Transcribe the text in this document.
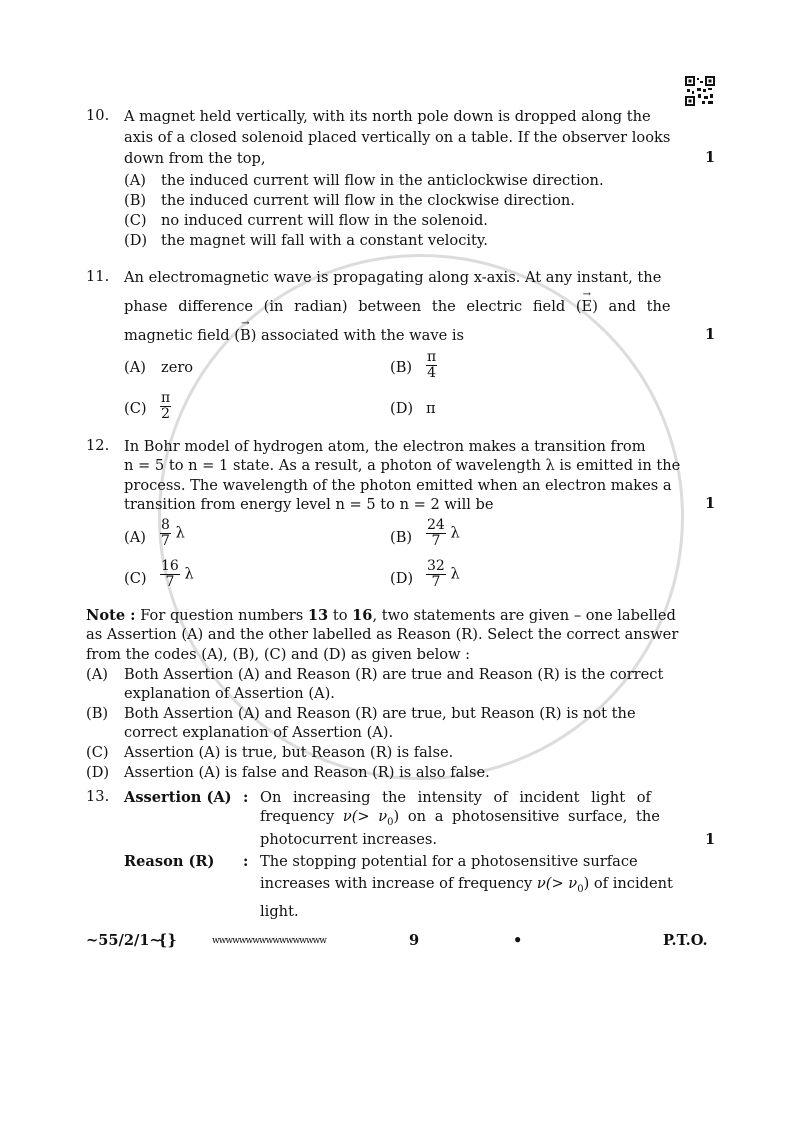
10. A magnet held vertically, with its north pole down is dropped along the
axis of a closed solenoid placed vertically on a table. If the observer looks
down from the top,	1
(A) the induced current will flow in the anticlockwise direction.
(B) the induced current will flow in the clockwise direction.
(C) no induced current will flow in the solenoid.
(D) the magnet will fall with a constant velocity.
11. An electromagnetic wave is propagating along x-axis. At any instant, the
phase difference (in radian) between the electric field (→ E) and the
magnetic field (→ B) associated with the wave is	1
(A) zero	$(B) \frac{\pi}{4}$
$(C) \frac{\pi}{2}$	(D) π
12. In Bohr model of hydrogen atom, the electron makes a transition from
n = 5 to n = 1 state. As a result, a photon of wavelength λ is emitted in the
process. The wavelength of the photon emitted when an electron makes a
transition from energy level n = 5 to n = 2 will be	1
$(A) \frac{8}{7}$ λ	$(B) \frac{24}{7}$ λ
$(C) \frac{16}{7}$ λ	$(D) \frac{32}{7}$ λ
Note : For question numbers 13 to 16, two statements are given – one labelled
as Assertion (A) and the other labelled as Reason (R). Select the correct answer
from the codes (A), (B), (C) and (D) as given below :
(A) Both Assertion (A) and Reason (R) are true and Reason (R) is the correct
explanation of Assertion (A).
(B) Both Assertion (A) and Reason (R) are true, but Reason (R) is not the
correct explanation of Assertion (A).
(C) Assertion (A) is true, but Reason (R) is false.
(D) Assertion (A) is false and Reason (R) is also false.
13. Assertion (A) : On increasing the intensity of incident light of
frequency $\nu(> \nu_0)$ on a photosensitive surface, the
photocurrent increases.	1
Reason (R) : The stopping potential for a photosensitive surface
increases with increase of frequency $\nu(> \nu_0)$ of incident
light.
~55/2/1~
{}	wwwwwwwwwwwwwwwww	9	•	P.T.O.
